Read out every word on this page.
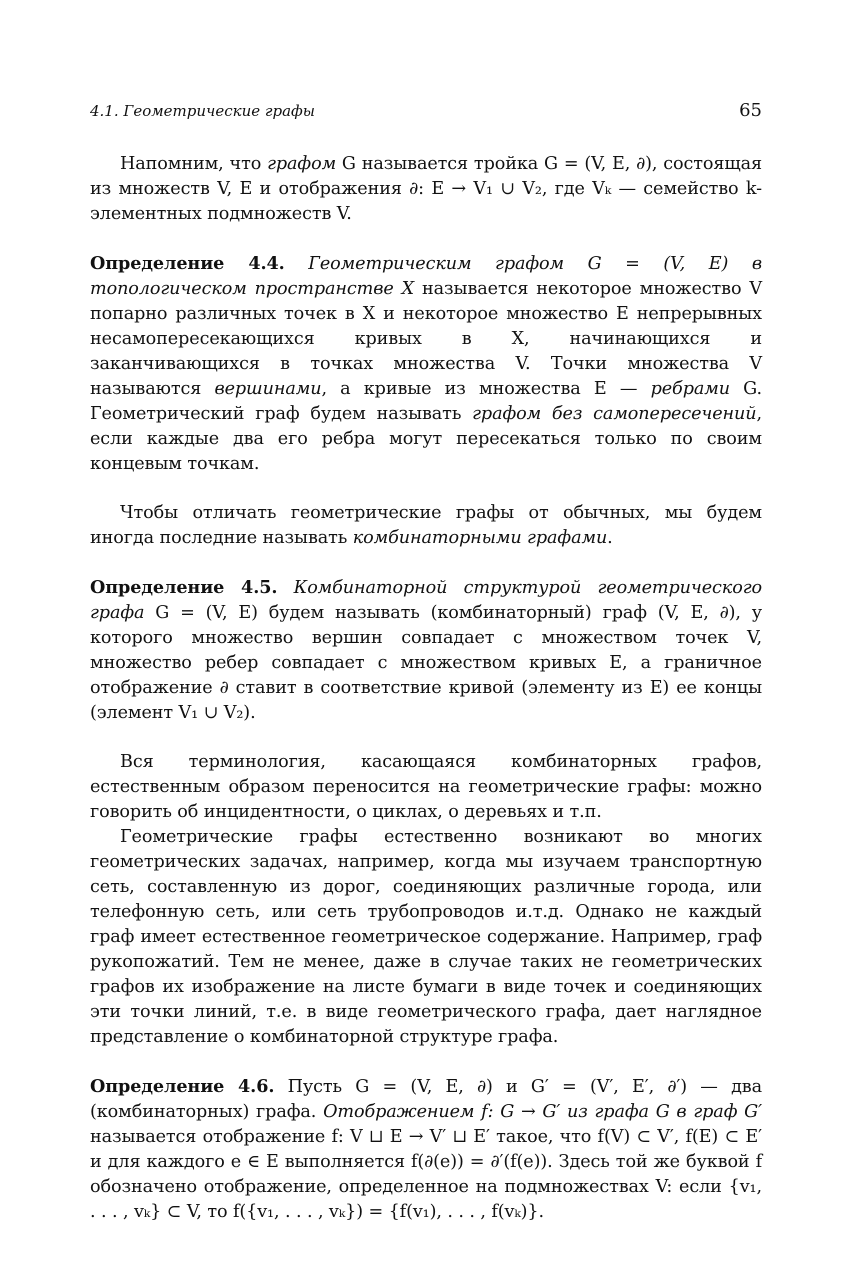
4.1. Геометрические графы	65

Напомним, что графом G называется тройка G = (V, E, ∂), состоящая из множеств V, E и отображения ∂: E → V₁ ∪ V₂, где Vₖ — семейство k-элементных подмножеств V.

Определение 4.4. Геометрическим графом G = (V, E) в топологическом пространстве X называется некоторое множество V попарно различных точек в X и некоторое множество E непрерывных несамопересекающихся кривых в X, начинающихся и заканчивающихся в точках множества V. Точки множества V называются вершинами, а кривые из множества E — ребрами G. Геометрический граф будем называть графом без самопересечений, если каждые два его ребра могут пересекаться только по своим концевым точкам.

Чтобы отличать геометрические графы от обычных, мы будем иногда последние называть комбинаторными графами.

Определение 4.5. Комбинаторной структурой геометрического графа G = (V, E) будем называть (комбинаторный) граф (V, E, ∂), у которого множество вершин совпадает с множеством точек V, множество ребер совпадает с множеством кривых E, а граничное отображение ∂ ставит в соответствие кривой (элементу из E) ее концы (элемент V₁ ∪ V₂).

Вся терминология, касающаяся комбинаторных графов, естественным образом переносится на геометрические графы: можно говорить об инцидентности, о циклах, о деревьях и т.п.

Геометрические графы естественно возникают во многих геометрических задачах, например, когда мы изучаем транспортную сеть, составленную из дорог, соединяющих различные города, или телефонную сеть, или сеть трубопроводов и.т.д. Однако не каждый граф имеет естественное геометрическое содержание. Например, граф рукопожатий. Тем не менее, даже в случае таких не геометрических графов их изображение на листе бумаги в виде точек и соединяющих эти точки линий, т.е. в виде геометрического графа, дает наглядное представление о комбинаторной структуре графа.

Определение 4.6. Пусть G = (V, E, ∂) и G′ = (V′, E′, ∂′) — два (комбинаторных) графа. Отображением f: G → G′ из графа G в граф G′ называется отображение f: V ⊔ E → V′ ⊔ E′ такое, что f(V) ⊂ V′, f(E) ⊂ E′ и для каждого e ∈ E выполняется f(∂(e)) = ∂′(f(e)). Здесь той же буквой f обозначено отображение, определенное на подмножествах V: если {v₁, . . . , vₖ} ⊂ V, то f({v₁, . . . , vₖ}) = {f(v₁), . . . , f(vₖ)}.
